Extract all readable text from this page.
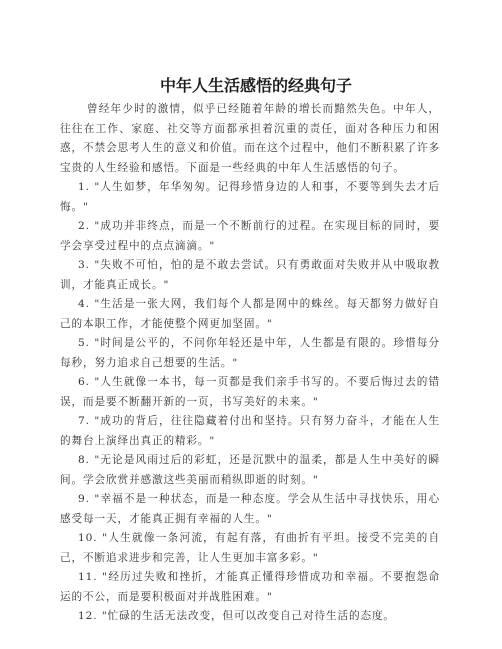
中年人生活感悟的经典句子

曾经年少时的激情，似乎已经随着年龄的增长而黯然失色。中年人，往往在工作、家庭、社交等方面都承担着沉重的责任，面对各种压力和困惑，不禁会思考人生的意义和价值。而在这个过程中，他们不断积累了许多宝贵的人生经验和感悟。下面是一些经典的中年人生活感悟的句子。

1. "人生如梦，年华匆匆。记得珍惜身边的人和事，不要等到失去才后悔。"

2. "成功并非终点，而是一个不断前行的过程。在实现目标的同时，要学会享受过程中的点点滴滴。"

3. "失败不可怕，怕的是不敢去尝试。只有勇敢面对失败并从中吸取教训，才能真正成长。"

4. "生活是一张大网，我们每个人都是网中的蛛丝。每天都努力做好自己的本职工作，才能使整个网更加坚固。"

5. "时间是公平的，不问你年轻还是中年，人生都是有限的。珍惜每分每秒，努力追求自己想要的生活。"

6. "人生就像一本书，每一页都是我们亲手书写的。不要后悔过去的错误，而是要不断翻开新的一页，书写美好的未来。"

7. "成功的背后，往往隐藏着付出和坚持。只有努力奋斗，才能在人生的舞台上演绎出真正的精彩。"

8. "无论是风雨过后的彩虹，还是沉默中的温柔，都是人生中美好的瞬间。学会欣赏并感激这些美丽而稍纵即逝的时刻。"

9. "幸福不是一种状态，而是一种态度。学会从生活中寻找快乐，用心感受每一天，才能真正拥有幸福的人生。"

10. "人生就像一条河流，有起有落，有曲折有平坦。接受不完美的自己，不断追求进步和完善，让人生更加丰富多彩。"

11. "经历过失败和挫折，才能真正懂得珍惜成功和幸福。不要抱怨命运的不公，而是要积极面对并战胜困难。"

12. "忙碌的生活无法改变，但可以改变自己对待生活的态度。
